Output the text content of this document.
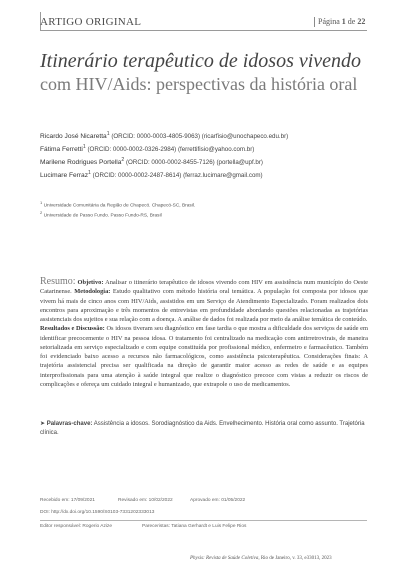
ARTIGO ORIGINAL	Página 1 de 22
Itinerário terapêutico de idosos vivendo
com HIV/Aids: perspectivas da história oral
Ricardo José Nicaretta$^1$ (ORCID: 0000-0003-4805-9063) (ricarfisio@unochapeco.edu.br)
Fátima Ferretti$^1$ (ORCID: 0000-0002-0326-2984) (ferrettifisio@yahoo.com.br)
Marilene Rodrigues Portella$^2$ (ORCID: 0000-0002-8455-7126) (portella@upf.br)
Lucimare Ferraz$^1$ (ORCID: 0000-0002-2487-8614) (ferraz.lucimare@gmail.com)
$^1$ Universidade Comunitária da Região de Chapecó. Chapecó-SC, Brasil.
$^2$ Universidade de Passo Fundo. Passo Fundo-RS, Brasil
Resumo: Objetivo: Analisar o itinerário terapêutico de idosos vivendo com HIV em assistência num município do Oeste Catarinense. Metodologia: Estudo qualitativo com método história oral temática. A população foi composta por idosos que vivem há mais de cinco anos com HIV/Aids, assistidos em um Serviço de Atendimento Especializado. Foram realizados dois encontros para aproximação e três momentos de entrevistas em profundidade abordando questões relacionadas as trajetórias assistenciais dos sujeitos e sua relação com a doença. A análise de dados foi realizada por meio da análise temática de conteúdo.
Resultados e Discussão: Os idosos tiveram seu diagnóstico em fase tardia o que mostra a dificuldade dos serviços de saúde em identificar precocemente o HIV na pessoa idosa. O tratamento foi centralizado na medicação com antirretrovirais, de maneira setorializada em serviço especializado e com equipe constituída por profissional médico, enfermeiro e farmacêutico. Também foi evidenciado baixo acesso a recursos não farmacológicos, como assistência psicoterapêutica. Considerações finais: A trajetória assistencial precisa ser qualificada na direção de garantir maior acesso as redes de saúde e as equipes interprofissionais para uma atenção à saúde integral que realize o diagnóstico precoce com vistas a reduzir os riscos de complicações e ofereça um cuidado integral e humanizado, que extrapole o uso de medicamentos.
➤ Palavras-chave: Assistência a idosos. Sorodiagnóstico da Aids. Envelhecimento. História oral como assunto. Trajetória clínica.
Recebido em: 17/09/2021	Revisado em: 10/02/2022	Aprovado em: 01/05/2022
DOI: http://dx.doi.org/10.1590/S0103-7331202333013
Editor responsável: Rogerio Azize	Pareceristas: Tatiana Gerhardt e Luis Felipe Rios
Physis: Revista de Saúde Coletiva, Rio de Janeiro, v. 33, e33013, 2023
